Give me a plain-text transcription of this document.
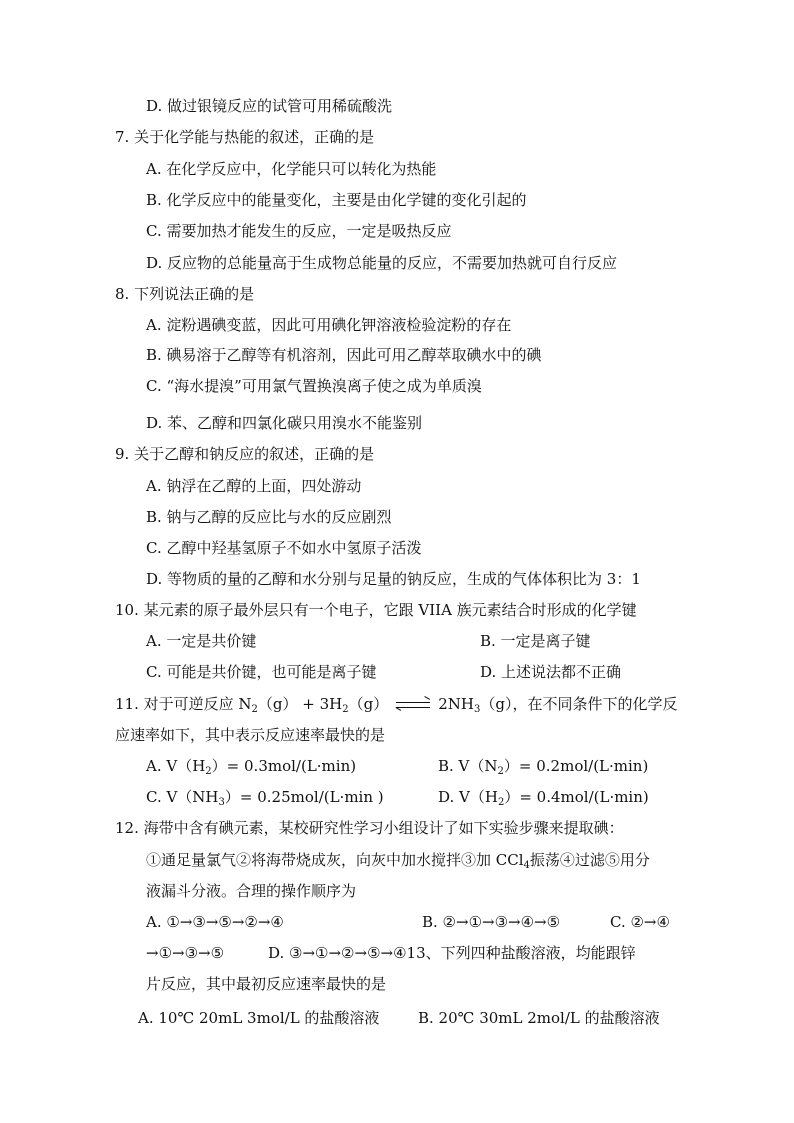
D. 做过银镜反应的试管可用稀硫酸洗
7. 关于化学能与热能的叙述，正确的是
A. 在化学反应中，化学能只可以转化为热能
B. 化学反应中的能量变化，主要是由化学键的变化引起的
C. 需要加热才能发生的反应，一定是吸热反应
D. 反应物的总能量高于生成物总能量的反应，不需要加热就可自行反应
8. 下列说法正确的是
A. 淀粉遇碘变蓝，因此可用碘化钾溶液检验淀粉的存在
B. 碘易溶于乙醇等有机溶剂，因此可用乙醇萃取碘水中的碘
C. “海水提溴”可用氯气置换溴离子使之成为单质溴
D. 苯、乙醇和四氯化碳只用溴水不能鉴别
9. 关于乙醇和钠反应的叙述，正确的是
A. 钠浮在乙醇的上面，四处游动
B. 钠与乙醇的反应比与水的反应剧烈
C. 乙醇中羟基氢原子不如水中氢原子活泼
D. 等物质的量的乙醇和水分别与足量的钠反应，生成的气体体积比为 3：1
10. 某元素的原子最外层只有一个电子，它跟 VIIA 族元素结合时形成的化学键
A. 一定是共价键	B. 一定是离子键
C. 可能是共价键，也可能是离子键	D. 上述说法都不正确
11. 对于可逆反应 $N_2(g) + 3H_2(g)$	$2NH_3(g)$，在不同条件下的化学反
应速率如下，其中表示反应速率最快的是
A. $V(H_2)= 0.3mol/(L\cdot\min)$	B. $V(N_2)= 0.2mol/(L\cdot\min)$
C. $V(NH_3)= 0.25mol/(L\cdot\min$ )	D. $V(H_2)= 0.4mol/(L\cdot\min)$
12. 海带中含有碘元素，某校研究性学习小组设计了如下实验步骤来提取碘：
①通足量氯气②将海带烧成灰，向灰中加水搅拌③加 CCl$_4$振荡④过滤⑤用分
液漏斗分液。合理的操作顺序为
A. ①→③→⑤→②→④	B. ②→①→③→④→⑤	C. ②→④
→①→③→⑤	D. ③→①→②→⑤→④13、下列四种盐酸溶液，均能跟锌
片反应，其中最初反应速率最快的是
A. 10℃ 20mL 3mol/L 的盐酸溶液	B. 20℃ 30mL 2mol/L 的盐酸溶液
